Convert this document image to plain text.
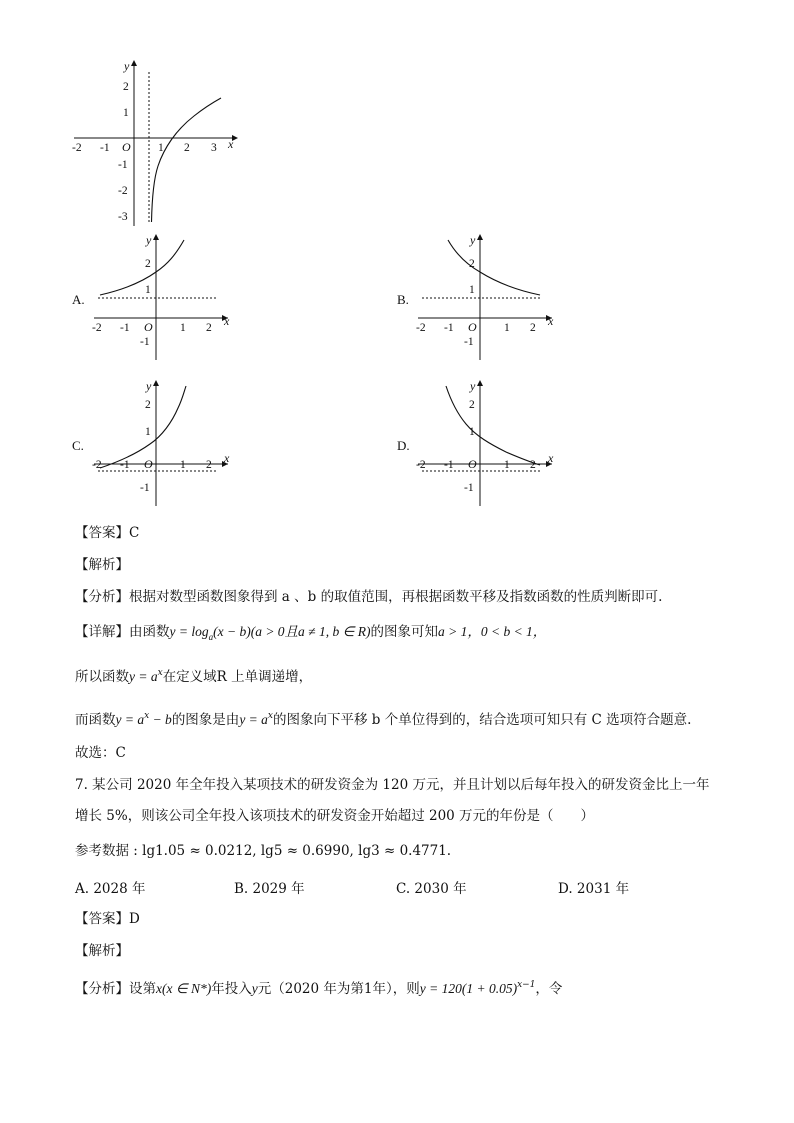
-2 -1 O 1 2 3 x
y
2
1
-1
-2
-3
A.
-2 -1 O 1 2 x
y
2
1
-1
B.
-2 -1 O 1 2 x
y
2
1
-1
C.
-2 -1 O 1 2 x
y
2
1
-1
D.
-2 -1 O 1 2 x
y
2
1
-1
【答案】C
【解析】
【分析】根据对数型函数图象得到 a 、b 的取值范围，再根据函数平移及指数函数的性质判断即可.
【详解】由函数$y = \log_a(x - b)(a > 0$且a ≠ 1, b ∈ R)的图象可知a > 1，0 < b < 1，
所以函数$y = a^x$在定义域R 上单调递增，
而函数$y = a^x - b$的图象是由$y = a^x$的图象向下平移 b 个单位得到的，结合选项可知只有 C 选项符合题意.
故选：C
7. 某公司 2020 年全年投入某项技术的研发资金为 120 万元，并且计划以后每年投入的研发资金比上一年
增长 5%，则该公司全年投入该项技术的研发资金开始超过 200 万元的年份是（　　）
参考数据 : lg1.05 ≈ 0.0212, lg5 ≈ 0.6990, lg3 ≈ 0.4771.
A. 2028 年	B. 2029 年	C. 2030 年	D. 2031 年
【答案】D
【解析】
【分析】设第x(x ∈ N*)年投入y元（2020 年为第1年），则$y = 120(1 + 0.05)^{x-1}$，令
